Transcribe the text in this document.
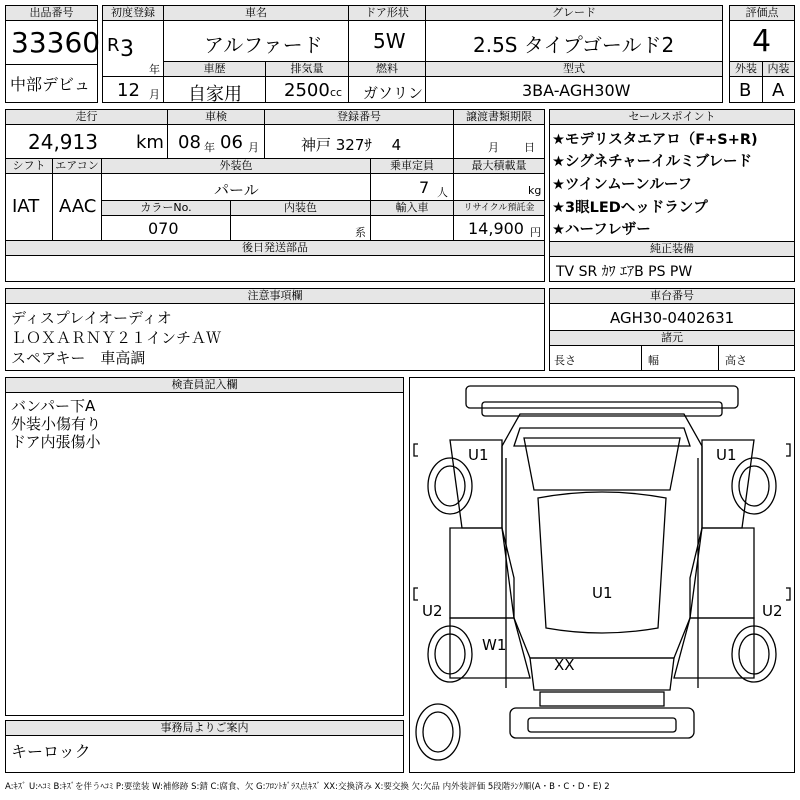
出品番号
33360
中部デビュ
初度登録
R 3
年
12 月
車名
アルファード
ドア形状
5W
グレード
2.5S タイプゴールド2
評価点
4
外装 内装
B A
車歴
自家用
排気量
2500 cc
燃料
ガソリン
型式
3BA-AGH30W
走行
24,913 km
車検
08 年 06 月
登録番号
神戸 327ｻ　 4
譲渡書類期限
月 日
シフト
IAT
エアコン
AAC
外装色
パール
乗車定員
7 人
最大積載量
kg
カラーNo.
070
内装色
系
輸入車	リサイクル預託金
14,900 円
後日発送部品
セールスポイント
★モデリスタエアロ（F+S+R)
★シグネチャーイルミブレード
★ツインムーンルーフ
★3眼LEDヘッドランプ
★ハーフレザー
純正装備
TV SR ｶﾜ ｴｱB PS PW
注意事項欄
ディスプレイオーディオ
ＬＯＸＡＲＮＹ２１インチＡＷ
スペアキー　車高調
車台番号
AGH30-0402631
諸元
長さ	幅	高さ
検査員記入欄
バンパー下A
外装小傷有り
ドア内張傷小
事務局よりご案内
キーロック
U1	U1
U1
U2	U2
W1
XX
A:ｷｽﾞ U:ﾍｺﾐ B:ｷｽﾞを伴うﾍｺﾐ P:要塗装 W:補修跡 S:錆 C:腐食、欠 G:ﾌﾛﾝﾄｶﾞﾗｽ点ｷｽﾞ XX:交換済み X:要交換 欠:欠品 内外装評価 5段階ﾗﾝｸ順(A・B・C・D・E) 2
